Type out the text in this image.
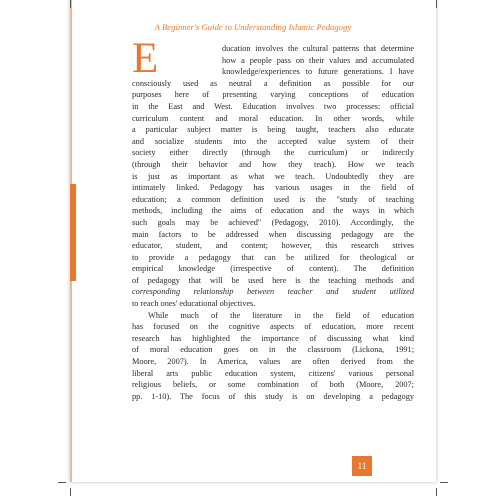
A Beginner's Guide to Understanding Islamic Pedagogy
E	ducation involves the cultural patterns that determine
how a people pass on their values and accumulated
knowledge/experiences to future generations. I have
consciously used as neutral a definition as possible for our
purposes here of presenting varying conceptions of education
in the East and West. Education involves two processes: official
curriculum content and moral education. In other words, while
a particular subject matter is being taught, teachers also educate
and socialize students into the accepted value system of their
society either directly (through the curriculum) or indirectly
(through their behavior and how they teach). How we teach
is just as important as what we teach. Undoubtedly they are
intimately linked. Pedagogy has various usages in the field of
education; a common definition used is the "study of teaching
methods, including the aims of education and the ways in which
such goals may be achieved" (Pedagogy, 2010). Accordingly, the
main factors to be addressed when discussing pedagogy are the
educator, student, and content; however, this research strives
to provide a pedagogy that can be utilized for theological or
empirical knowledge (irrespective of content). The definition
of pedagogy that will be used here is the teaching methods and
corresponding relationship between teacher and student utilized
to reach ones' educational objectives.
While much of the literature in the field of education
has focused on the cognitive aspects of education, more recent
research has highlighted the importance of discussing what kind
of moral education goes on in the classroom (Lickona, 1991;
Moore, 2007). In America, values are often derived from the
liberal arts public education system, citizens' various personal
religious beliefs, or some combination of both (Moore, 2007;
pp. 1-10). The focus of this study is on developing a pedagogy
11
